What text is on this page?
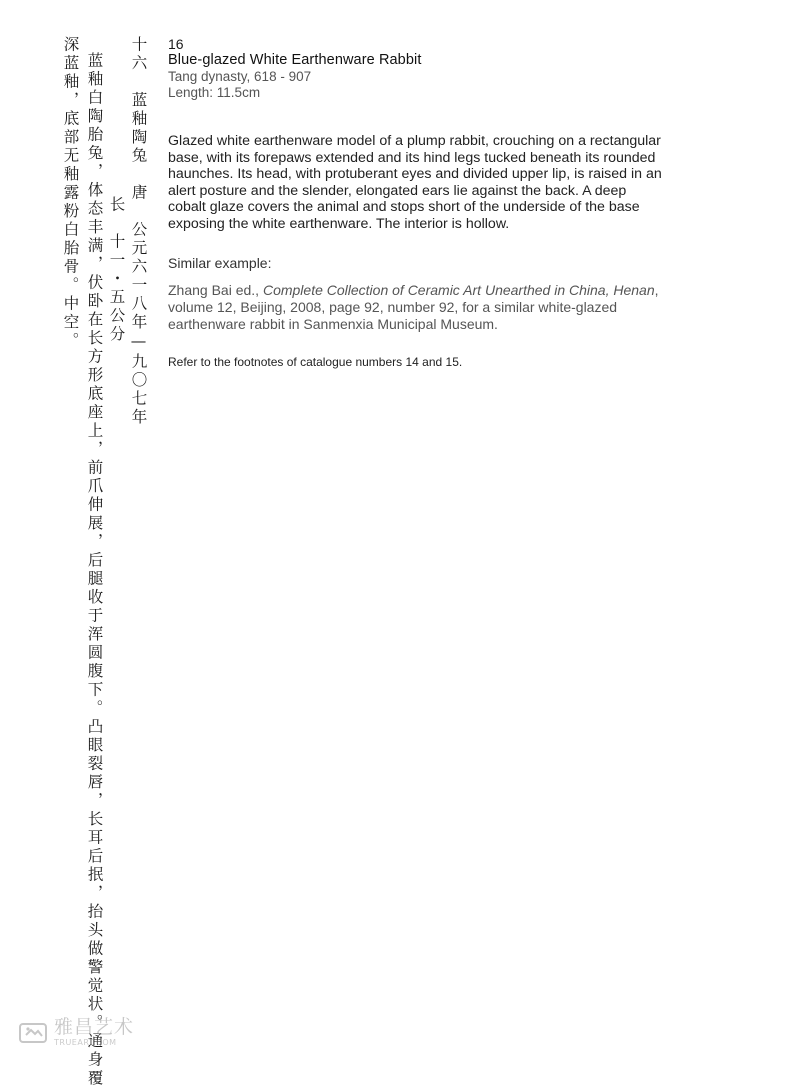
十六　蓝釉陶兔　唐　公元六一八年—九〇七年
长　十一・五公分
蓝釉白陶胎兔，体态丰满，伏卧在长方形底座上，前爪伸展，后腿收于浑圆腹下。凸眼裂唇，长耳后抿，抬头做警觉状。通身覆
深蓝釉，底部无釉露粉白胎骨。中空。	16
Blue-glazed White Earthenware Rabbit
Tang dynasty, 618 - 907
Length: 11.5cm

Glazed white earthenware model of a plump rabbit, crouching on a rectangular base, with its forepaws extended and its hind legs tucked beneath its rounded haunches. Its head, with protuberant eyes and divided upper lip, is raised in an alert posture and the slender, elongated ears lie against the back. A deep cobalt glaze covers the animal and stops short of the underside of the base exposing the white earthenware. The interior is hollow.

Similar example:
Zhang Bai ed., Complete Collection of Ceramic Art Unearthed in China, Henan, volume 12, Beijing, 2008, page 92, number 92, for a similar white-glazed earthenware rabbit in Sanmenxia Municipal Museum.
Refer to the footnotes of catalogue numbers 14 and 15.
雅昌艺术
TRUEART.COM
